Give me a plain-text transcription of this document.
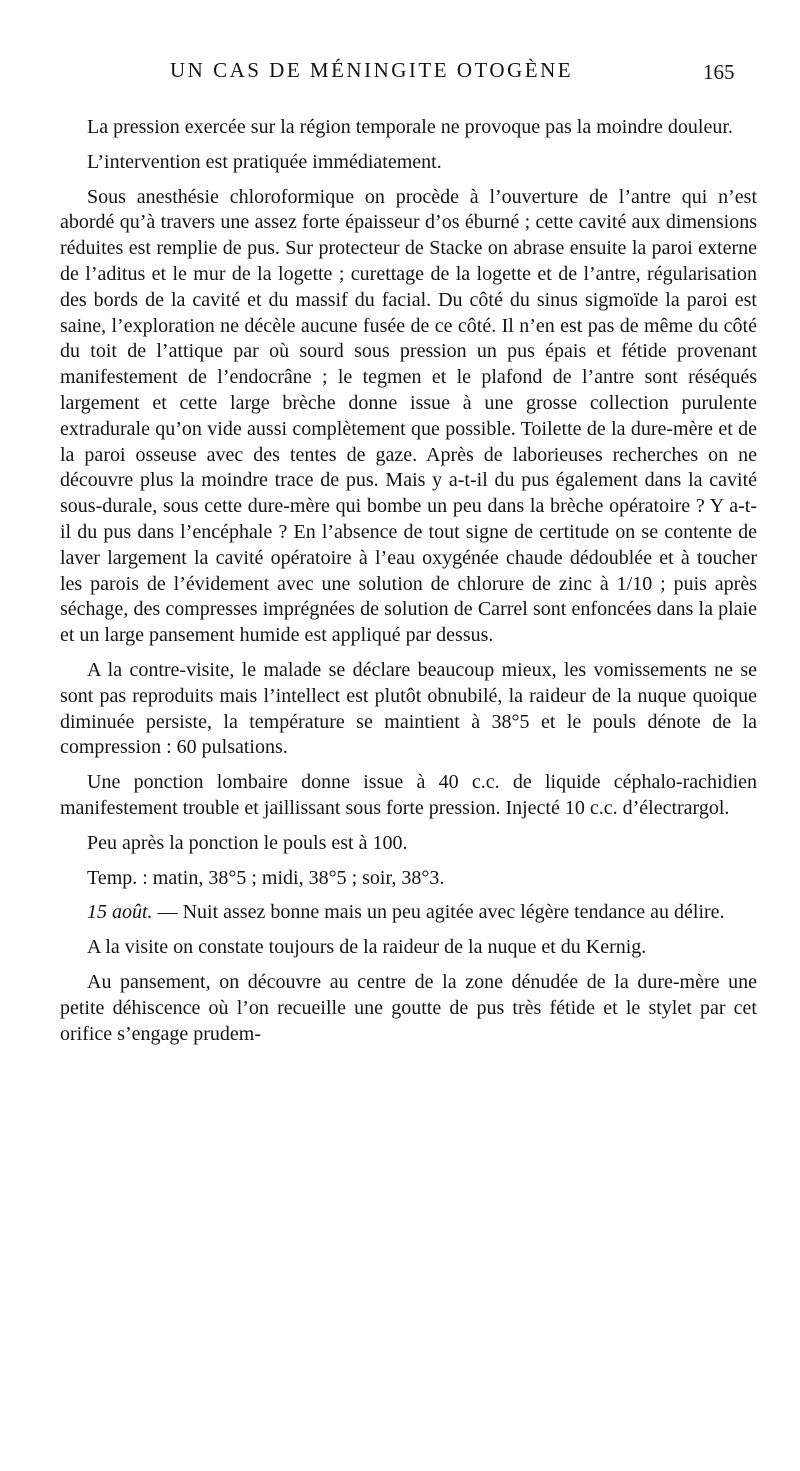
UN CAS DE MÉNINGITE OTOGÈNE	165

La pression exercée sur la région temporale ne provoque pas la moindre douleur.

L’intervention est pratiquée immédiatement.

Sous anesthésie chloroformique on procède à l’ouverture de l’antre qui n’est abordé qu’à travers une assez forte épaisseur d’os éburné ; cette cavité aux dimensions réduites est remplie de pus. Sur protecteur de Stacke on abrase ensuite la paroi externe de l’aditus et le mur de la logette ; curettage de la logette et de l’antre, régularisation des bords de la cavité et du massif du facial. Du côté du sinus sigmoïde la paroi est saine, l’exploration ne décèle aucune fusée de ce côté. Il n’en est pas de même du côté du toit de l’attique par où sourd sous pression un pus épais et fétide provenant manifestement de l’endocrâne ; le tegmen et le plafond de l’antre sont réséqués largement et cette large brèche donne issue à une grosse collection purulente extradurale qu’on vide aussi complètement que possible. Toilette de la dure-mère et de la paroi osseuse avec des tentes de gaze. Après de laborieuses recherches on ne découvre plus la moindre trace de pus. Mais y a-t-il du pus également dans la cavité sous-durale, sous cette dure-mère qui bombe un peu dans la brèche opératoire ? Y a-t-il du pus dans l’encéphale ? En l’absence de tout signe de certitude on se contente de laver largement la cavité opératoire à l’eau oxygénée chaude dédoublée et à toucher les parois de l’évidement avec une solution de chlorure de zinc à 1/10 ; puis après séchage, des compresses imprégnées de solution de Carrel sont enfoncées dans la plaie et un large pansement humide est appliqué par dessus.

A la contre-visite, le malade se déclare beaucoup mieux, les vomissements ne se sont pas reproduits mais l’intellect est plutôt obnubilé, la raideur de la nuque quoique diminuée persiste, la température se maintient à 38°5 et le pouls dénote de la compression : 60 pulsations.

Une ponction lombaire donne issue à 40 c.c. de liquide céphalo-rachidien manifestement trouble et jaillissant sous forte pression. Injecté 10 c.c. d’électrargol.

Peu après la ponction le pouls est à 100.

Temp. : matin, 38°5 ; midi, 38°5 ; soir, 38°3.

15 août. — Nuit assez bonne mais un peu agitée avec légère tendance au délire.

A la visite on constate toujours de la raideur de la nuque et du Kernig.

Au pansement, on découvre au centre de la zone dénudée de la dure-mère une petite déhiscence où l’on recueille une goutte de pus très fétide et le stylet par cet orifice s’engage prudem-
